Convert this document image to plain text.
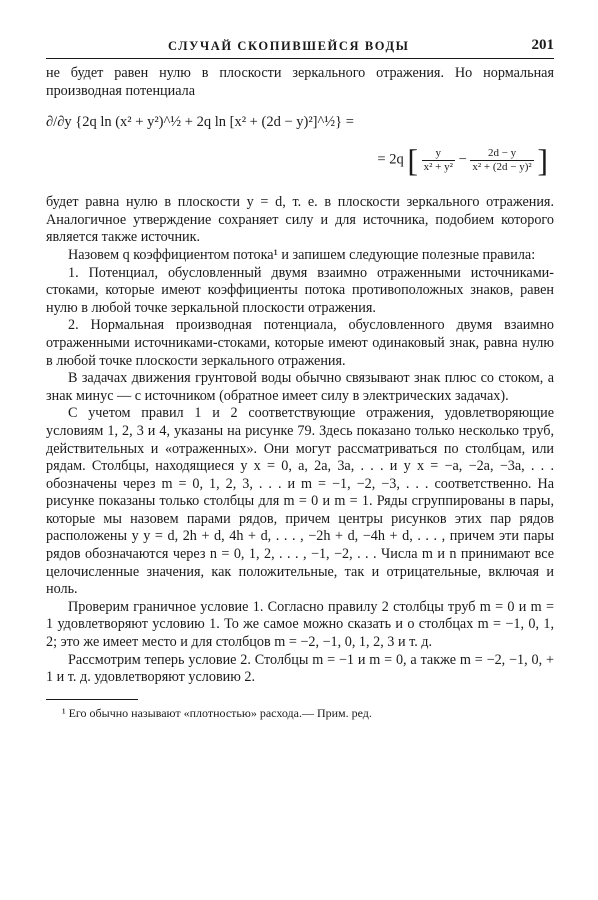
СЛУЧАЙ СКОПИВШЕЙСЯ ВОДЫ	201

не будет равен нулю в плоскости зеркального отражения. Но нормальная производная потенциала

∂/∂y {2q ln (x² + y²)^½ + 2q ln [x² + (2d − y)²]^½} =
= 2q [ $\frac{y}{\text{x² + y²}} - \frac{2d - y}{\text{x² + (2d − y)²}}$ ]

будет равна нулю в плоскости y = d, т. е. в плоскости зеркального отражения. Аналогичное утверждение сохраняет силу и для источника, подобием которого является также источник.

Назовем q коэффициентом потока¹ и запишем следующие полезные правила:

1. Потенциал, обусловленный двумя взаимно отраженными источниками-стоками, которые имеют коэффициенты потока противоположных знаков, равен нулю в любой точке зеркальной плоскости отражения.

2. Нормальная производная потенциала, обусловленного двумя взаимно отраженными источниками-стоками, которые имеют одинаковый знак, равна нулю в любой точке плоскости зеркального отражения.

В задачах движения грунтовой воды обычно связывают знак плюс со стоком, а знак минус — с источником (обратное имеет силу в электрических задачах).

С учетом правил 1 и 2 соответствующие отражения, удовлетворяющие условиям 1, 2, 3 и 4, указаны на рисунке 79. Здесь показано только несколько труб, действительных и «отраженных». Они могут рассматриваться по столбцам, или рядам. Столбцы, находящиеся у x = 0, a, 2a, 3a, . . . и у x = −a, −2a, −3a, . . . обозначены через m = 0, 1, 2, 3, . . . и m = −1, −2, −3, . . . соответственно. На рисунке показаны только столбцы для m = 0 и m = 1. Ряды сгруппированы в пары, которые мы назовем парами рядов, причем центры рисунков этих пар рядов расположены у y = d, 2h + d, 4h + d, . . . , −2h + d, −4h + d, . . . , причем эти пары рядов обозначаются через n = 0, 1, 2, . . . , −1, −2, . . . Числа m и n принимают все целочисленные значения, как положительные, так и отрицательные, включая и ноль.

Проверим граничное условие 1. Согласно правилу 2 столбцы труб m = 0 и m = 1 удовлетворяют условию 1. То же самое можно сказать и о столбцах m = −1, 0, 1, 2; это же имеет место и для столбцов m = −2, −1, 0, 1, 2, 3 и т. д.

Рассмотрим теперь условие 2. Столбцы m = −1 и m = 0, а также m = −2, −1, 0, + 1 и т. д. удовлетворяют условию 2.

¹ Его обычно называют «плотностью» расхода.— Прим. ред.
